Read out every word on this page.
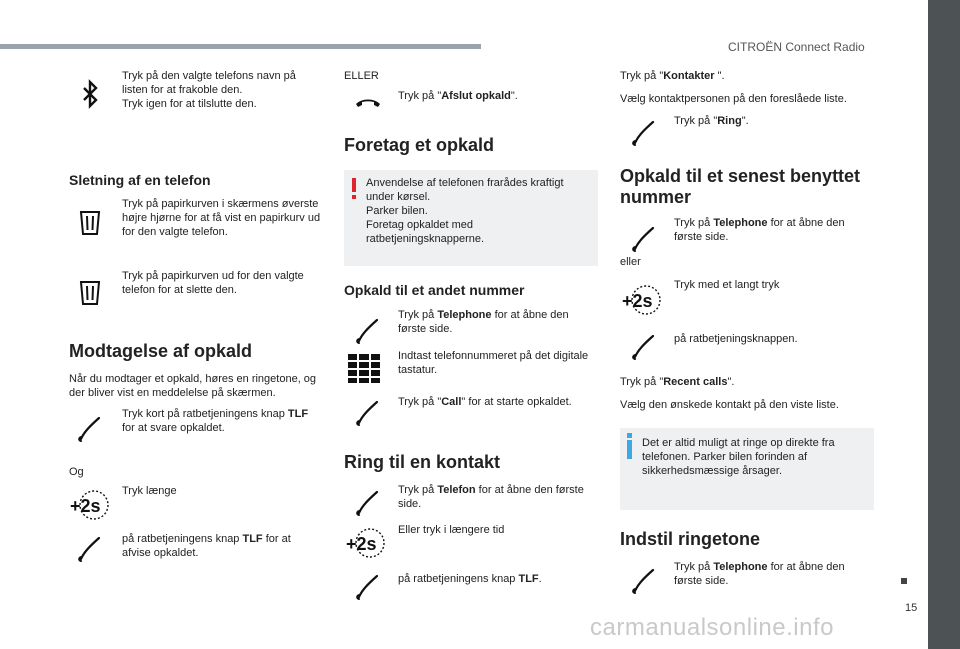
CITROËN Connect Radio
Tryk på den valgte telefons navn på listen for at frakoble den.
Tryk igen for at tilslutte den.
Sletning af en telefon
Tryk på papirkurven i skærmens øverste højre hjørne for at få vist en papirkurv ud for den valgte telefon.
Tryk på papirkurven ud for den valgte telefon for at slette den.
Modtagelse af opkald
Når du modtager et opkald, høres en ringetone, og der bliver vist en meddelelse på skærmen.
Tryk kort på ratbetjeningens knap TLF for at svare opkaldet.
Og
+2s
Tryk længe
på ratbetjeningens knap TLF for at afvise opkaldet.
ELLER
Tryk på "Afslut opkald".
Foretag et opkald
Anvendelse af telefonen frarådes kraftigt under kørsel.
Parker bilen.
Foretag opkaldet med ratbetjeningsknapperne.
Opkald til et andet nummer
Tryk på Telephone for at åbne den første side.
Indtast telefonnummeret på det digitale tastatur.
Tryk på "Call" for at starte opkaldet.
Ring til en kontakt
Tryk på Telefon for at åbne den første side.
+2s
Eller tryk i længere tid
på ratbetjeningens knap TLF.
Tryk på "Kontakter ".
Vælg kontaktpersonen på den foreslåede liste.
Tryk på "Ring".
Opkald til et senest benyttet nummer
Tryk på Telephone for at åbne den første side.
eller
+2s
Tryk med et langt tryk
på ratbetjeningsknappen.
Tryk på "Recent calls".
Vælg den ønskede kontakt på den viste liste.
Det er altid muligt at ringe op direkte fra telefonen. Parker bilen forinden af sikkerhedsmæssige årsager.
Indstil ringetone
Tryk på Telephone for at åbne den første side.
15
carmanualsonline.info
